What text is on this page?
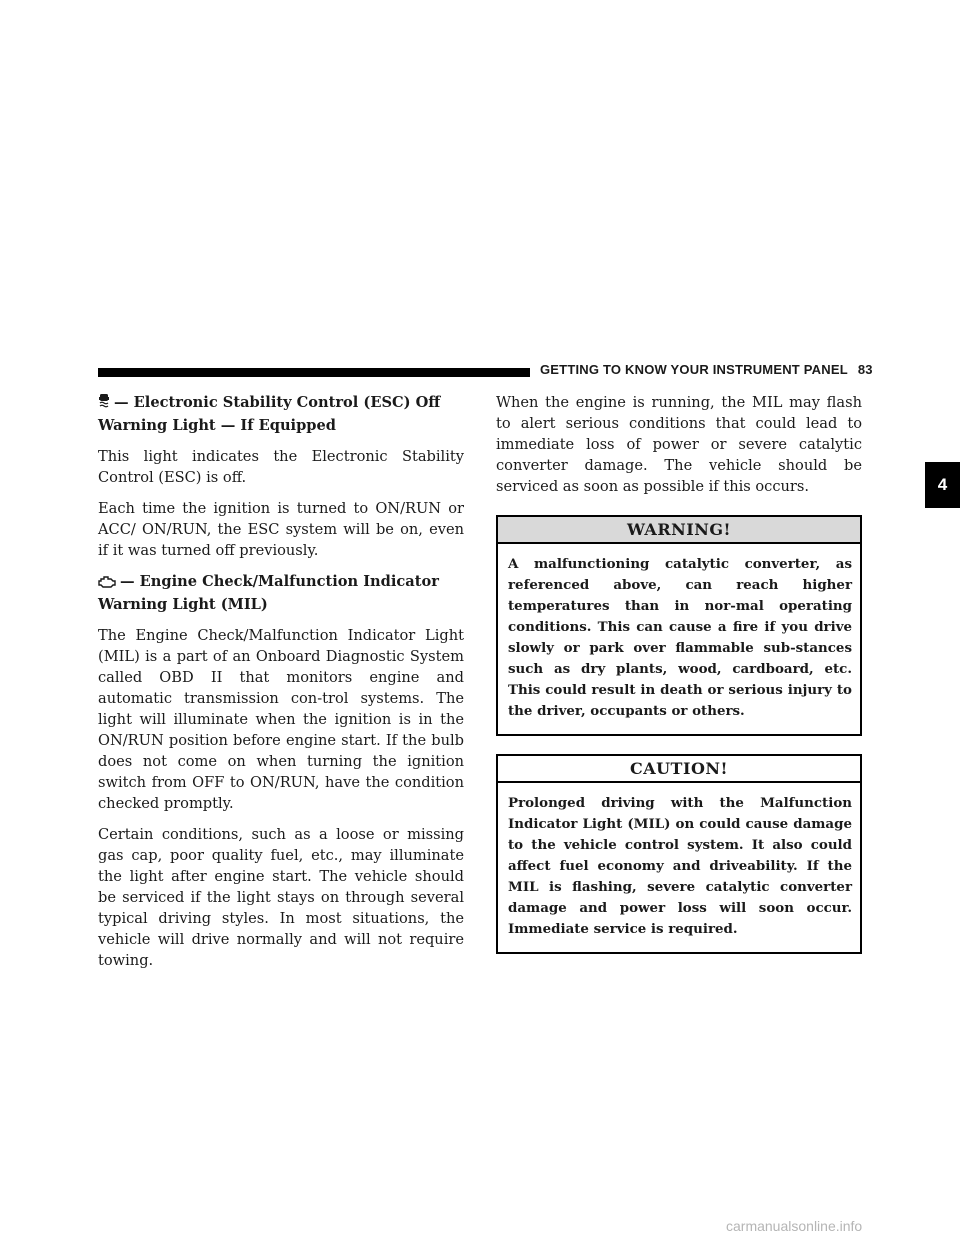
GETTING TO KNOW YOUR INSTRUMENT PANEL 83
4
— Electronic Stability Control (ESC) Off Warning Light — If Equipped

This light indicates the Electronic Stability Control (ESC) is off.

Each time the ignition is turned to ON/RUN or ACC/ ON/RUN, the ESC system will be on, even if it was turned off previously.

— Engine Check/Malfunction Indicator Warning Light (MIL)

The Engine Check/Malfunction Indicator Light (MIL) is a part of an Onboard Diagnostic System called OBD II that monitors engine and automatic transmission con-trol systems. The light will illuminate when the ignition is in the ON/RUN position before engine start. If the bulb does not come on when turning the ignition switch from OFF to ON/RUN, have the condition checked promptly.

Certain conditions, such as a loose or missing gas cap, poor quality fuel, etc., may illuminate the light after engine start. The vehicle should be serviced if the light stays on through several typical driving styles. In most situations, the vehicle will drive normally and will not require towing.

When the engine is running, the MIL may flash to alert serious conditions that could lead to immediate loss of power or severe catalytic converter damage. The vehicle should be serviced as soon as possible if this occurs.

WARNING!
A malfunctioning catalytic converter, as referenced above, can reach higher temperatures than in nor-mal operating conditions. This can cause a fire if you drive slowly or park over flammable sub-stances such as dry plants, wood, cardboard, etc. This could result in death or serious injury to the driver, occupants or others.
CAUTION!
Prolonged driving with the Malfunction Indicator Light (MIL) on could cause damage to the vehicle control system. It also could affect fuel economy and driveability. If the MIL is flashing, severe catalytic converter damage and power loss will soon occur. Immediate service is required.
carmanualsonline.info
